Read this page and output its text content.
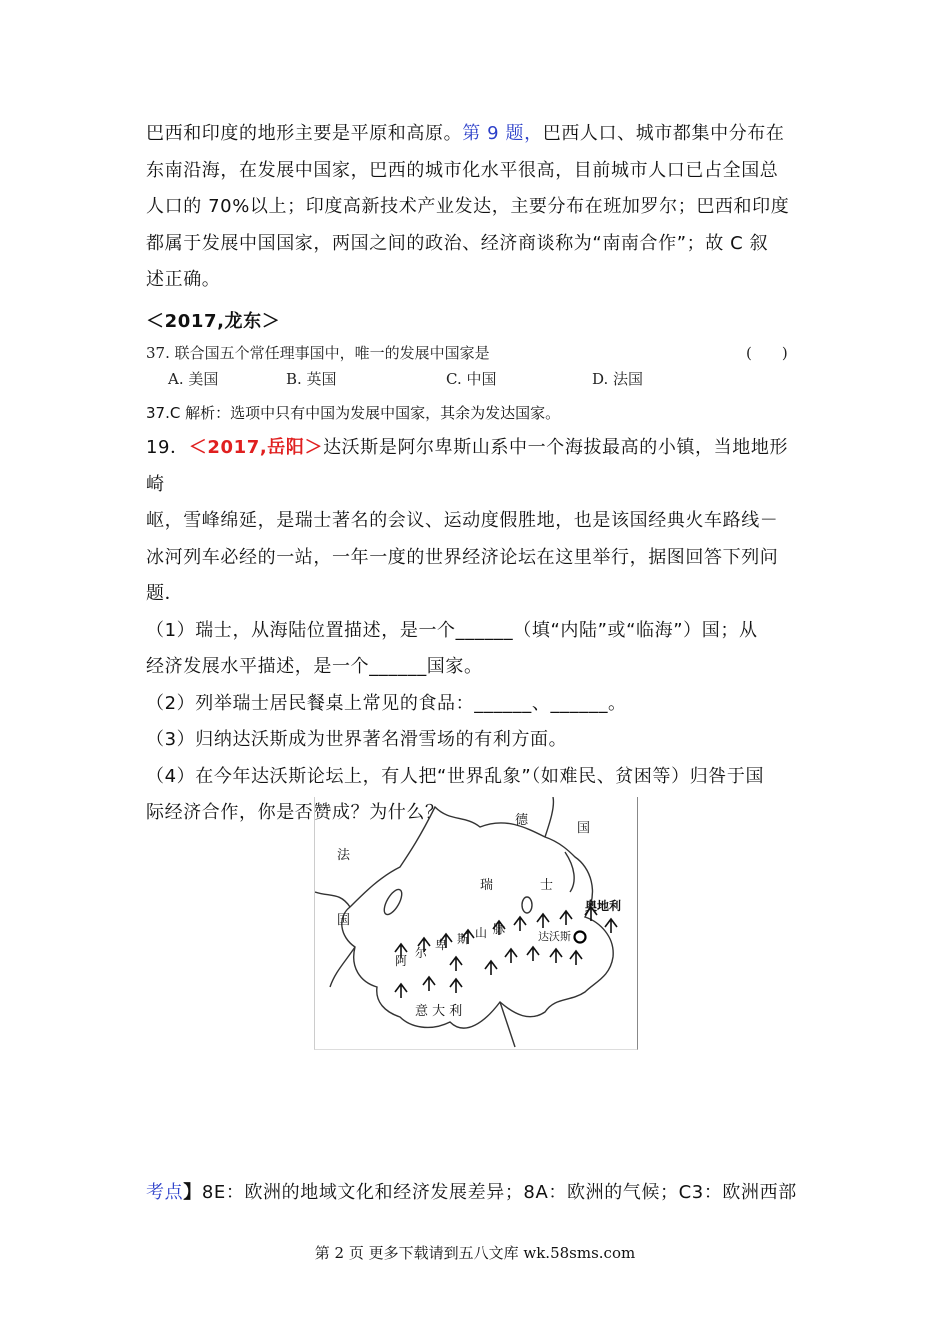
巴西和印度的地形主要是平原和高原。第 9 题，巴西人口、城市都集中分布在
东南沿海，在发展中国家，巴西的城市化水平很高，目前城市人口已占全国总
人口的 70%以上；印度高新技术产业发达，主要分布在班加罗尔；巴西和印度
都属于发展中国国家，两国之间的政治、经济商谈称为“南南合作”；故 C 叙
述正确。
＜2017,龙东＞
37. 联合国五个常任理事国中，唯一的发展中国家是	(　　)
A. 美国	B. 英国	C. 中国	D. 法国
37.C 解析：选项中只有中国为发展中国家，其余为发达国家。
19．＜2017,岳阳＞达沃斯是阿尔卑斯山系中一个海拔最高的小镇，当地地形崎
岖，雪峰绵延，是瑞士著名的会议、运动度假胜地，也是该国经典火车路线－
冰河列车必经的一站，一年一度的世界经济论坛在这里举行，据图回答下列问
题．
（1）瑞士，从海陆位置描述，是一个______（填“内陆”或“临海”）国；从
经济发展水平描述，是一个______国家。
（2）列举瑞士居民餐桌上常见的食品：______、______。
（3）归纳达沃斯成为世界著名滑雪场的有利方面。
（4）在今年达沃斯论坛上，有人把“世界乱象”（如难民、贫困等）归咎于国
际经济合作，你是否赞成？为什么？	德
国
法
国
瑞	士
奥地利
阿
尔
卑 斯 山 脉
达沃斯
意 大 利
考点】8E：欧洲的地域文化和经济发展差异；8A：欧洲的气候；C3：欧洲西部
第 2 页 更多下载请到五八文库 wk.58sms.com
